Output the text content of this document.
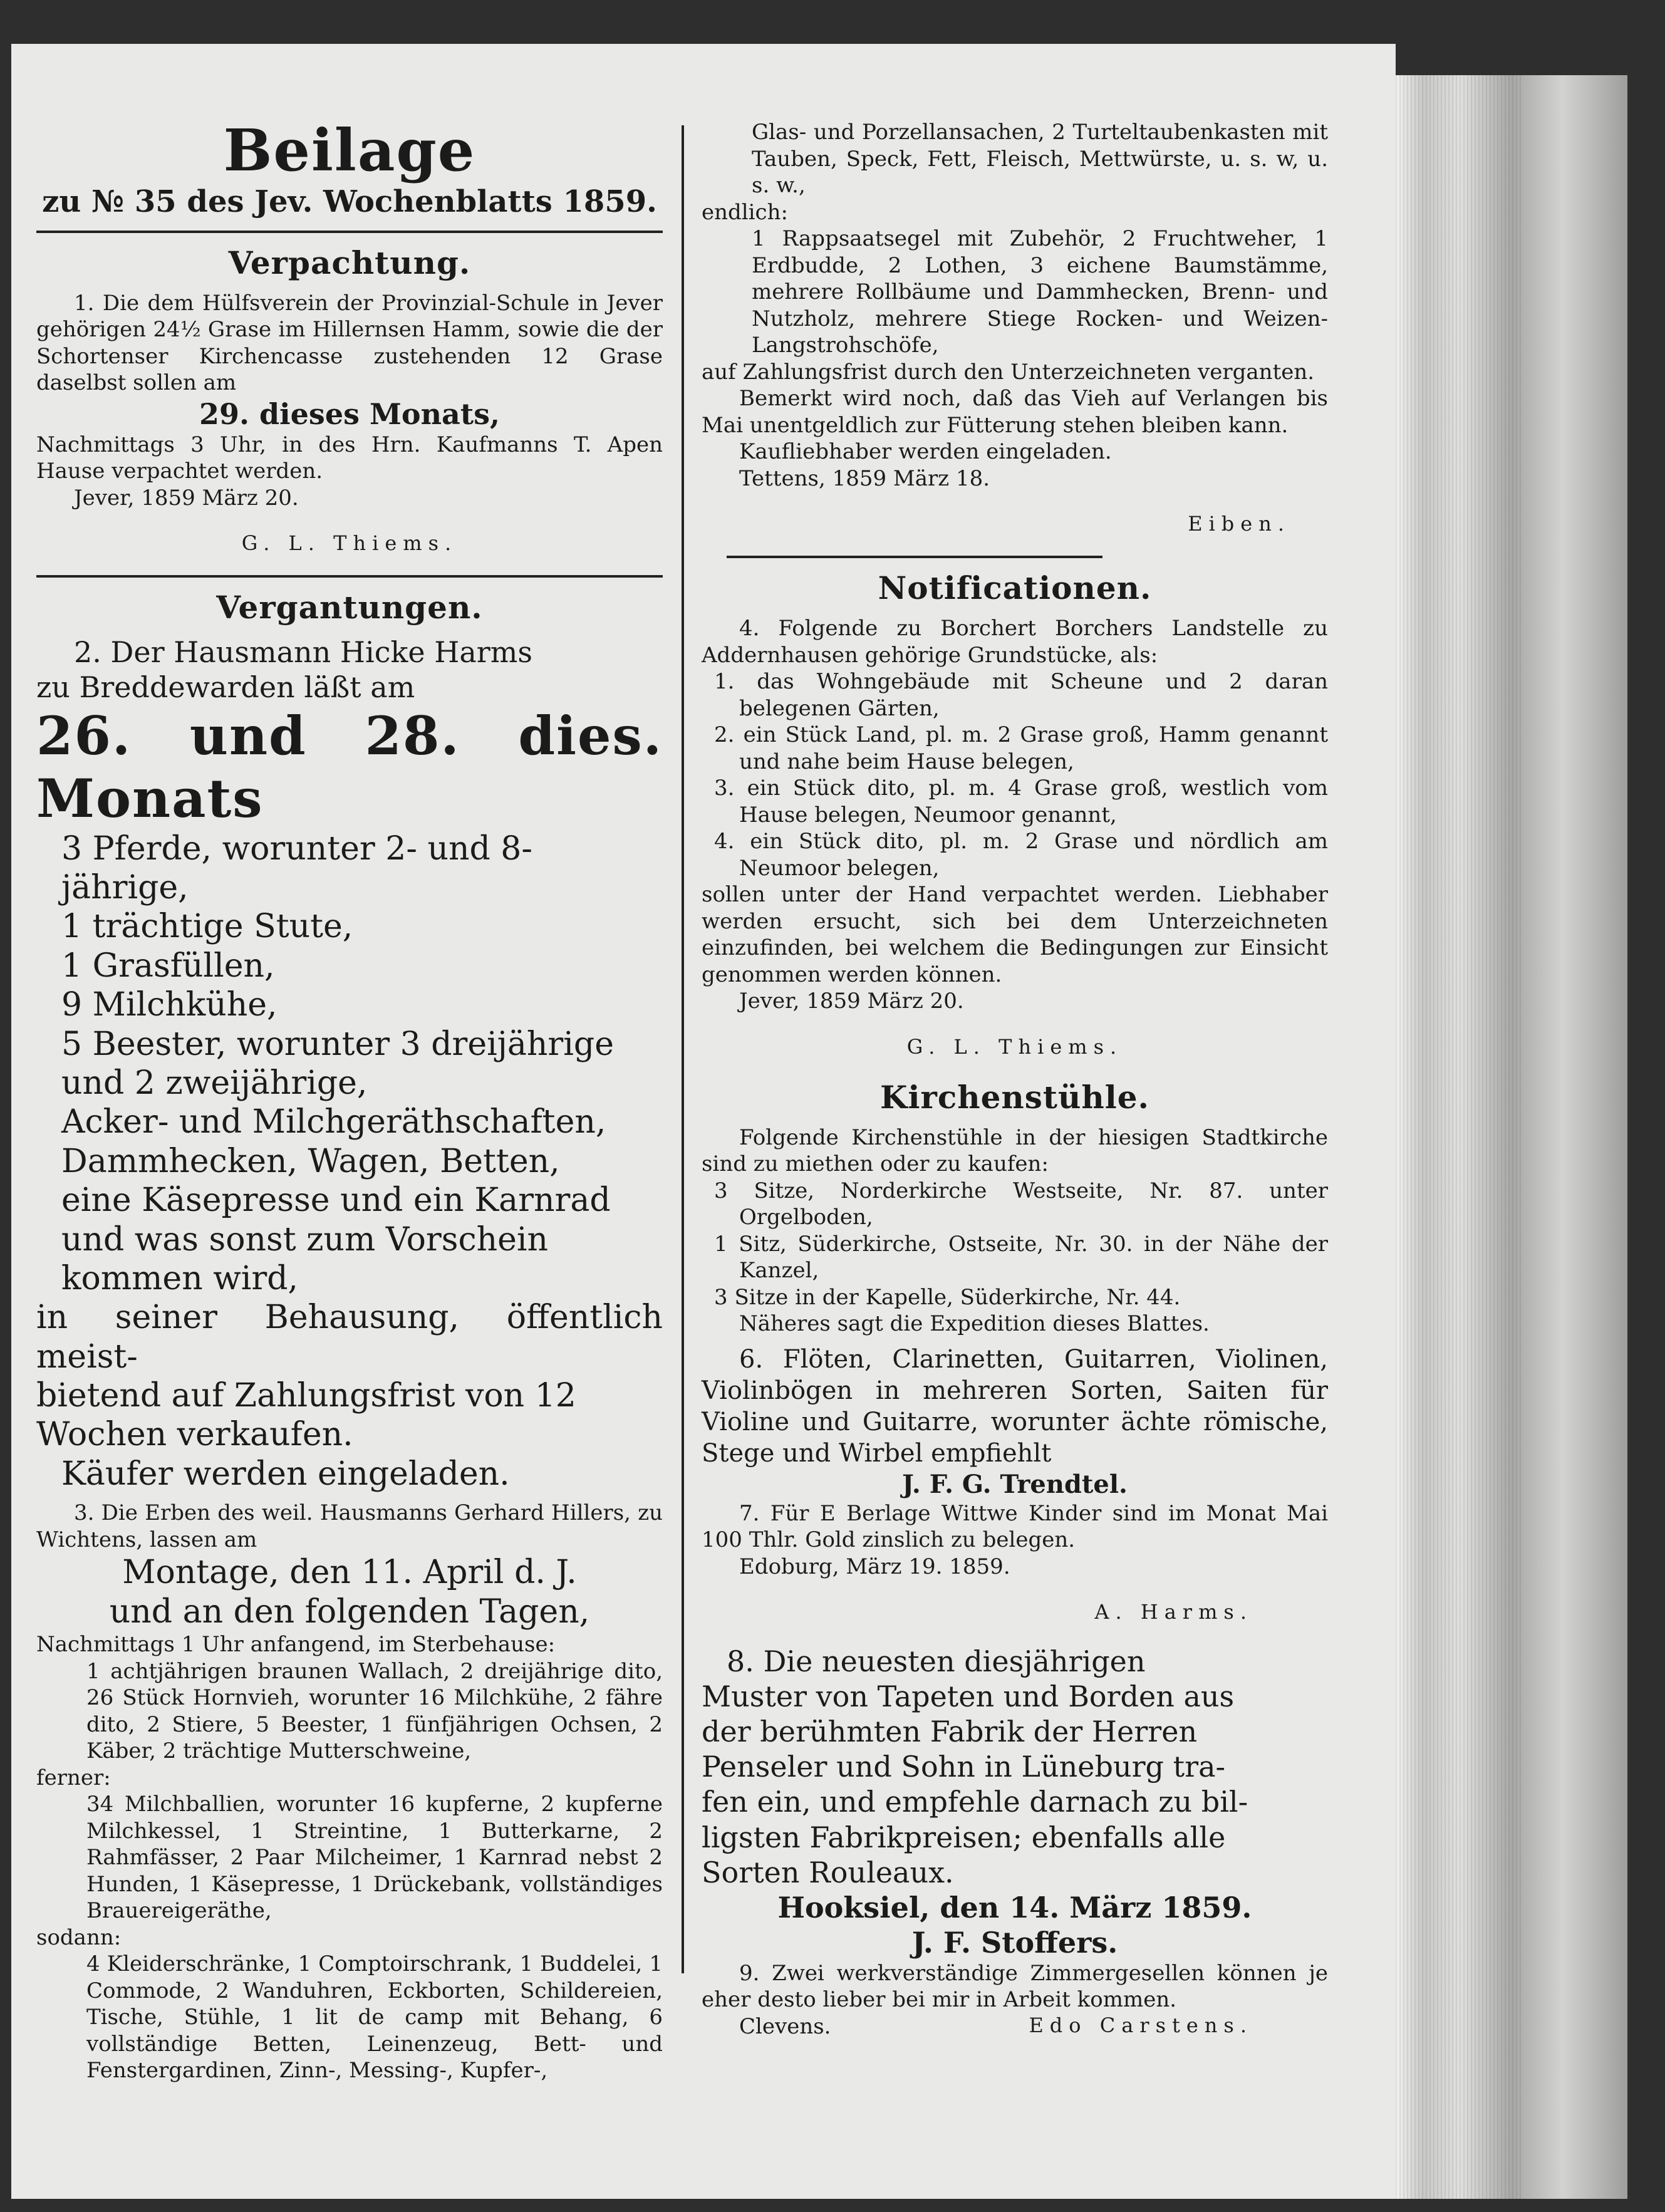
Beilage
zu № 35 des Jev. Wochenblatts 1859.
Verpachtung.

1. Die dem Hülfsverein der Provinzial-Schule in Jever gehörigen 24½ Grase im Hillernsen Hamm, sowie die der Schortenser Kirchencasse zustehenden 12 Grase daselbst sollen am

29. dieses Monats,

Nachmittags 3 Uhr, in des Hrn. Kaufmanns T. Apen Hause verpachtet werden.

Jever, 1859 März 20.

G. L. Thiems.

Vergantungen.

2. Der Hausmann Hicke Harms

zu Breddewarden läßt am

26. und 28. dies. Monats

3 Pferde, worunter 2- und 8-

jährige,

1 trächtige Stute,

1 Grasfüllen,

9 Milchkühe,

5 Beester, worunter 3 dreijährige

und 2 zweijährige,

Acker- und Milchgeräthschaften,

Dammhecken, Wagen, Betten,

eine Käsepresse und ein Karnrad

und was sonst zum Vorschein

kommen wird,

in seiner Behausung, öffentlich meist-

bietend auf Zahlungsfrist von 12

Wochen verkaufen.

Käufer werden eingeladen.

3. Die Erben des weil. Hausmanns Gerhard Hillers, zu Wichtens, lassen am

Montage, den 11. April d. J.

und an den folgenden Tagen,

Nachmittags 1 Uhr anfangend, im Sterbehause:

1 achtjährigen braunen Wallach, 2 dreijährige dito, 26 Stück Hornvieh, worunter 16 Milchkühe, 2 fähre dito, 2 Stiere, 5 Beester, 1 fünfjährigen Ochsen, 2 Käber, 2 trächtige Mutterschweine,

ferner:

34 Milchballien, worunter 16 kupferne, 2 kupferne Milchkessel, 1 Streintine, 1 Butterkarne, 2 Rahmfässer, 2 Paar Milcheimer, 1 Karnrad nebst 2 Hunden, 1 Käsepresse, 1 Drückebank, vollständiges Brauereigeräthe,

sodann:

4 Kleiderschränke, 1 Comptoirschrank, 1 Buddelei, 1 Commode, 2 Wanduhren, Eckborten, Schildereien, Tische, Stühle, 1 lit de camp mit Behang, 6 vollständige Betten, Leinenzeug, Bett- und Fenstergardinen, Zinn-, Messing-, Kupfer-,

Glas- und Porzellansachen, 2 Turteltaubenkasten mit Tauben, Speck, Fett, Fleisch, Mettwürste, u. s. w, u. s. w.,

endlich:

1 Rappsaatsegel mit Zubehör, 2 Fruchtweher, 1 Erdbudde, 2 Lothen, 3 eichene Baumstämme, mehrere Rollbäume und Dammhecken, Brenn- und Nutzholz, mehrere Stiege Rocken- und Weizen-Langstrohschöfe,

auf Zahlungsfrist durch den Unterzeichneten verganten.

Bemerkt wird noch, daß das Vieh auf Verlangen bis Mai unentgeldlich zur Fütterung stehen bleiben kann.

Kaufliebhaber werden eingeladen.

Tettens, 1859 März 18.

Eiben.

Notificationen.

4. Folgende zu Borchert Borchers Landstelle zu Addernhausen gehörige Grundstücke, als:

1. das Wohngebäude mit Scheune und 2 daran belegenen Gärten,

2. ein Stück Land, pl. m. 2 Grase groß, Hamm genannt und nahe beim Hause belegen,

3. ein Stück dito, pl. m. 4 Grase groß, westlich vom Hause belegen, Neumoor genannt,

4. ein Stück dito, pl. m. 2 Grase und nördlich am Neumoor belegen,

sollen unter der Hand verpachtet werden. Liebhaber werden ersucht, sich bei dem Unterzeichneten einzufinden, bei welchem die Bedingungen zur Einsicht genommen werden können.

Jever, 1859 März 20.

G. L. Thiems.

Kirchenstühle.

Folgende Kirchenstühle in der hiesigen Stadtkirche sind zu miethen oder zu kaufen:

3 Sitze, Norderkirche Westseite, Nr. 87. unter Orgelboden,

1 Sitz, Süderkirche, Ostseite, Nr. 30. in der Nähe der Kanzel,

3 Sitze in der Kapelle, Süderkirche, Nr. 44.

Näheres sagt die Expedition dieses Blattes.

6. Flöten, Clarinetten, Guitarren, Violinen, Violinbögen in mehreren Sorten, Saiten für Violine und Guitarre, worunter ächte römische, Stege und Wirbel empfiehlt

J. F. G. Trendtel.

7. Für E Berlage Wittwe Kinder sind im Monat Mai 100 Thlr. Gold zinslich zu belegen.

Edoburg, März 19. 1859.

A. Harms.

8. Die neuesten diesjährigen

Muster von Tapeten und Borden aus

der berühmten Fabrik der Herren

Penseler und Sohn in Lüneburg tra-

fen ein, und empfehle darnach zu bil-

ligsten Fabrikpreisen; ebenfalls alle

Sorten Rouleaux.

Hooksiel, den 14. März 1859.

J. F. Stoffers.

9. Zwei werkverständige Zimmergesellen können je eher desto lieber bei mir in Arbeit kommen.

Clevens.	Edo Carstens.
